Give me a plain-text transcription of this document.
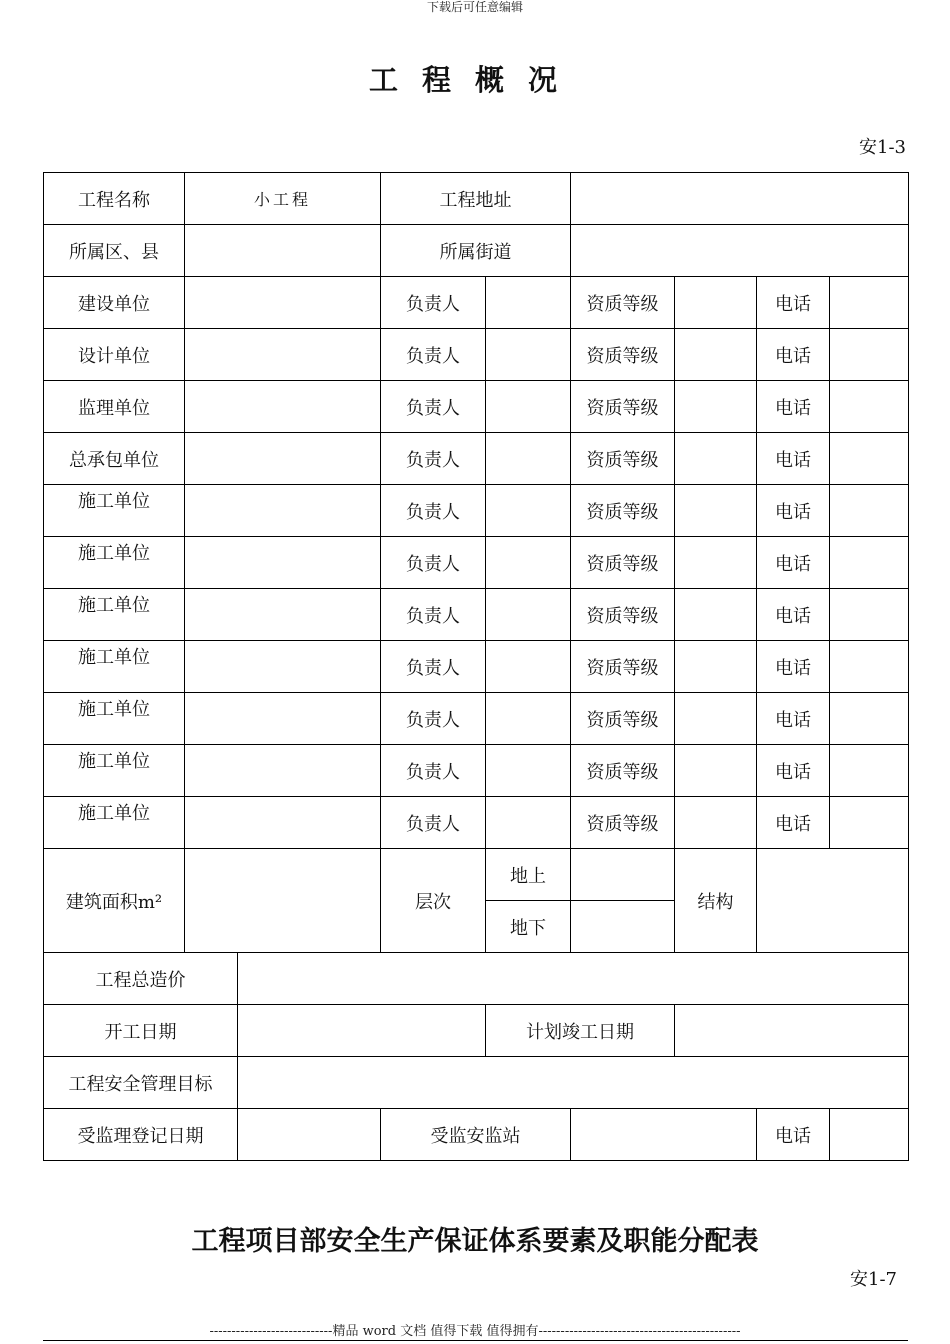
下载后可任意编辑
工程概况
安1-3
工程名称	小工程		工程地址					
所属区、县			所属街道					
建设单位			负责人		资质等级		电话	
设计单位			负责人		资质等级		电话	
监理单位			负责人		资质等级		电话	
总承包单位			负责人		资质等级		电话	
施工单位			负责人		资质等级		电话	
施工单位			负责人		资质等级		电话	
施工单位			负责人		资质等级		电话	
施工单位			负责人		资质等级		电话	
施工单位			负责人		资质等级		电话	
施工单位			负责人		资质等级		电话	
施工单位			负责人		资质等级		电话	
建筑面积m²			层次	地上		结构		
				地下				
工程总造价								
开工日期				计划竣工日期				
工程安全管理目标								
受监理登记日期			受监安监站				电话	
工程项目部安全生产保证体系要素及职能分配表
安1-7
----------------------------精品 word 文档 值得下载 值得拥有----------------------------------------------
